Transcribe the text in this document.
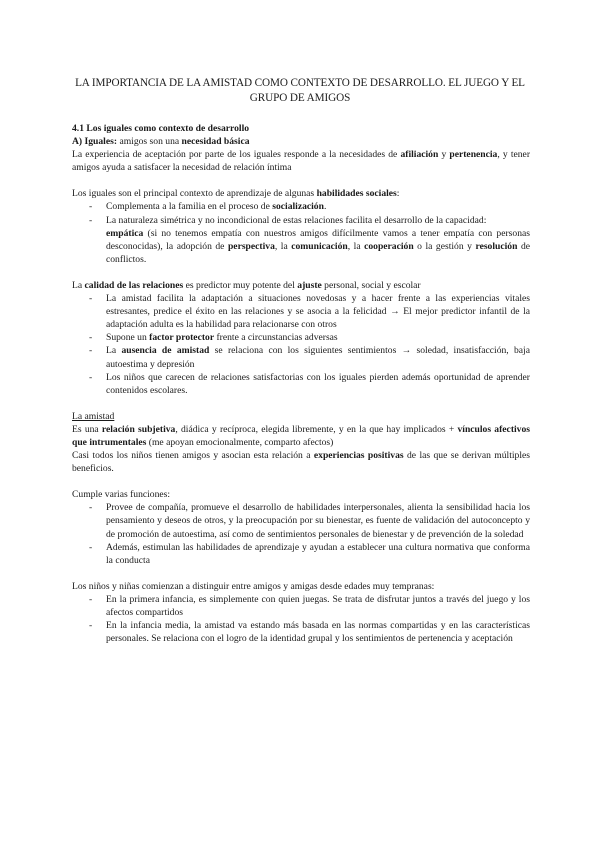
LA IMPORTANCIA DE LA AMISTAD COMO CONTEXTO DE DESARROLLO. EL JUEGO Y EL GRUPO DE AMIGOS

4.1 Los iguales como contexto de desarrollo

A) Iguales: amigos son una necesidad básica

La experiencia de aceptación por parte de los iguales responde a la necesidades de afiliación y pertenencia, y tener amigos ayuda a satisfacer la necesidad de relación íntima

Los iguales son el principal contexto de aprendizaje de algunas habilidades sociales:

- Complementa a la familia en el proceso de socialización.
- La naturaleza simétrica y no incondicional de estas relaciones facilita el desarrollo de la capacidad:
empática (si no tenemos empatía con nuestros amigos difícilmente vamos a tener empatía con personas desconocidas), la adopción de perspectiva, la comunicación, la cooperación o la gestión y resolución de conflictos.

La calidad de las relaciones es predictor muy potente del ajuste personal, social y escolar

- La amistad facilita la adaptación a situaciones novedosas y a hacer frente a las experiencias vitales estresantes, predice el éxito en las relaciones y se asocia a la felicidad → El mejor predictor infantil de la adaptación adulta es la habilidad para relacionarse con otros
- Supone un factor protector frente a circunstancias adversas
- La ausencia de amistad se relaciona con los siguientes sentimientos → soledad, insatisfacción, baja autoestima y depresión
- Los niños que carecen de relaciones satisfactorias con los iguales pierden además oportunidad de aprender contenidos escolares.

La amistad

Es una relación subjetiva, diádica y recíproca, elegida libremente, y en la que hay implicados + vínculos afectivos que intrumentales (me apoyan emocionalmente, comparto afectos)

Casi todos los niños tienen amigos y asocian esta relación a experiencias positivas de las que se derivan múltiples beneficios.

Cumple varias funciones:

- Provee de compañía, promueve el desarrollo de habilidades interpersonales, alienta la sensibilidad hacia los pensamiento y deseos de otros, y la preocupación por su bienestar, es fuente de validación del autoconcepto y de promoción de autoestima, así como de sentimientos personales de bienestar y de prevención de la soledad
- Además, estimulan las habilidades de aprendizaje y ayudan a establecer una cultura normativa que conforma la conducta

Los niños y niñas comienzan a distinguir entre amigos y amigas desde edades muy tempranas:

- En la primera infancia, es simplemente con quien juegas. Se trata de disfrutar juntos a través del juego y los afectos compartidos
- En la infancia media, la amistad va estando más basada en las normas compartidas y en las características personales. Se relaciona con el logro de la identidad grupal y los sentimientos de pertenencia y aceptación
